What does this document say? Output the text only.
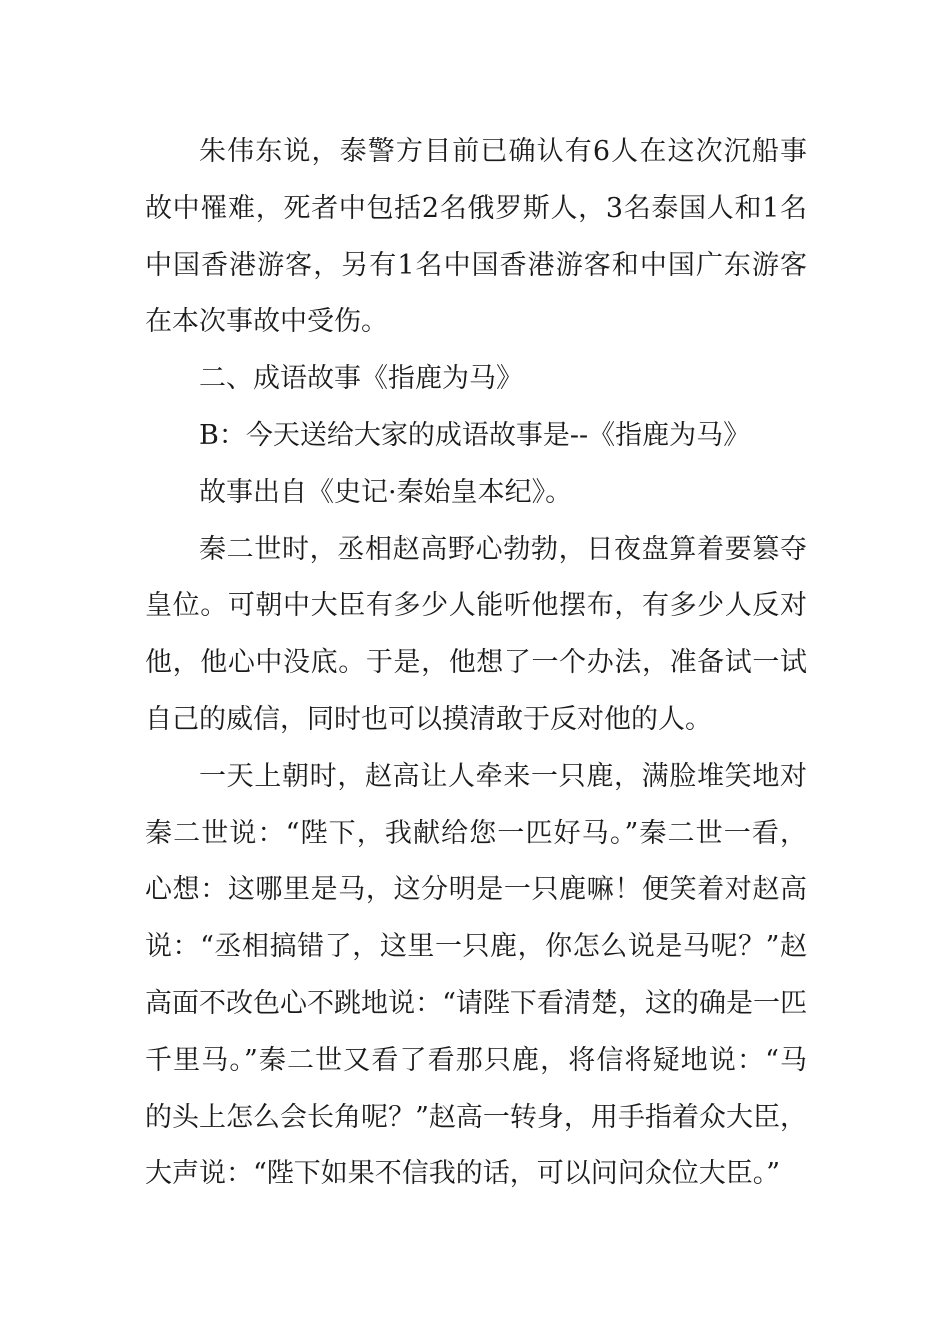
朱伟东说，泰警方目前已确认有6人在这次沉船事故中罹难，死者中包括2名俄罗斯人，3名泰国人和1名中国香港游客，另有1名中国香港游客和中国广东游客在本次事故中受伤。

二、成语故事《指鹿为马》

B：今天送给大家的成语故事是--《指鹿为马》

故事出自《史记·秦始皇本纪》。

秦二世时，丞相赵高野心勃勃，日夜盘算着要篡夺皇位。可朝中大臣有多少人能听他摆布，有多少人反对他，他心中没底。于是，他想了一个办法，准备试一试自己的威信，同时也可以摸清敢于反对他的人。

一天上朝时，赵高让人牵来一只鹿，满脸堆笑地对秦二世说：“陛下，我献给您一匹好马。”秦二世一看，心想：这哪里是马，这分明是一只鹿嘛！便笑着对赵高说：“丞相搞错了，这里一只鹿，你怎么说是马呢？”赵高面不改色心不跳地说：“请陛下看清楚，这的确是一匹千里马。”秦二世又看了看那只鹿，将信将疑地说：“马的头上怎么会长角呢？”赵高一转身，用手指着众大臣，大声说：“陛下如果不信我的话，可以问问众位大臣。”
